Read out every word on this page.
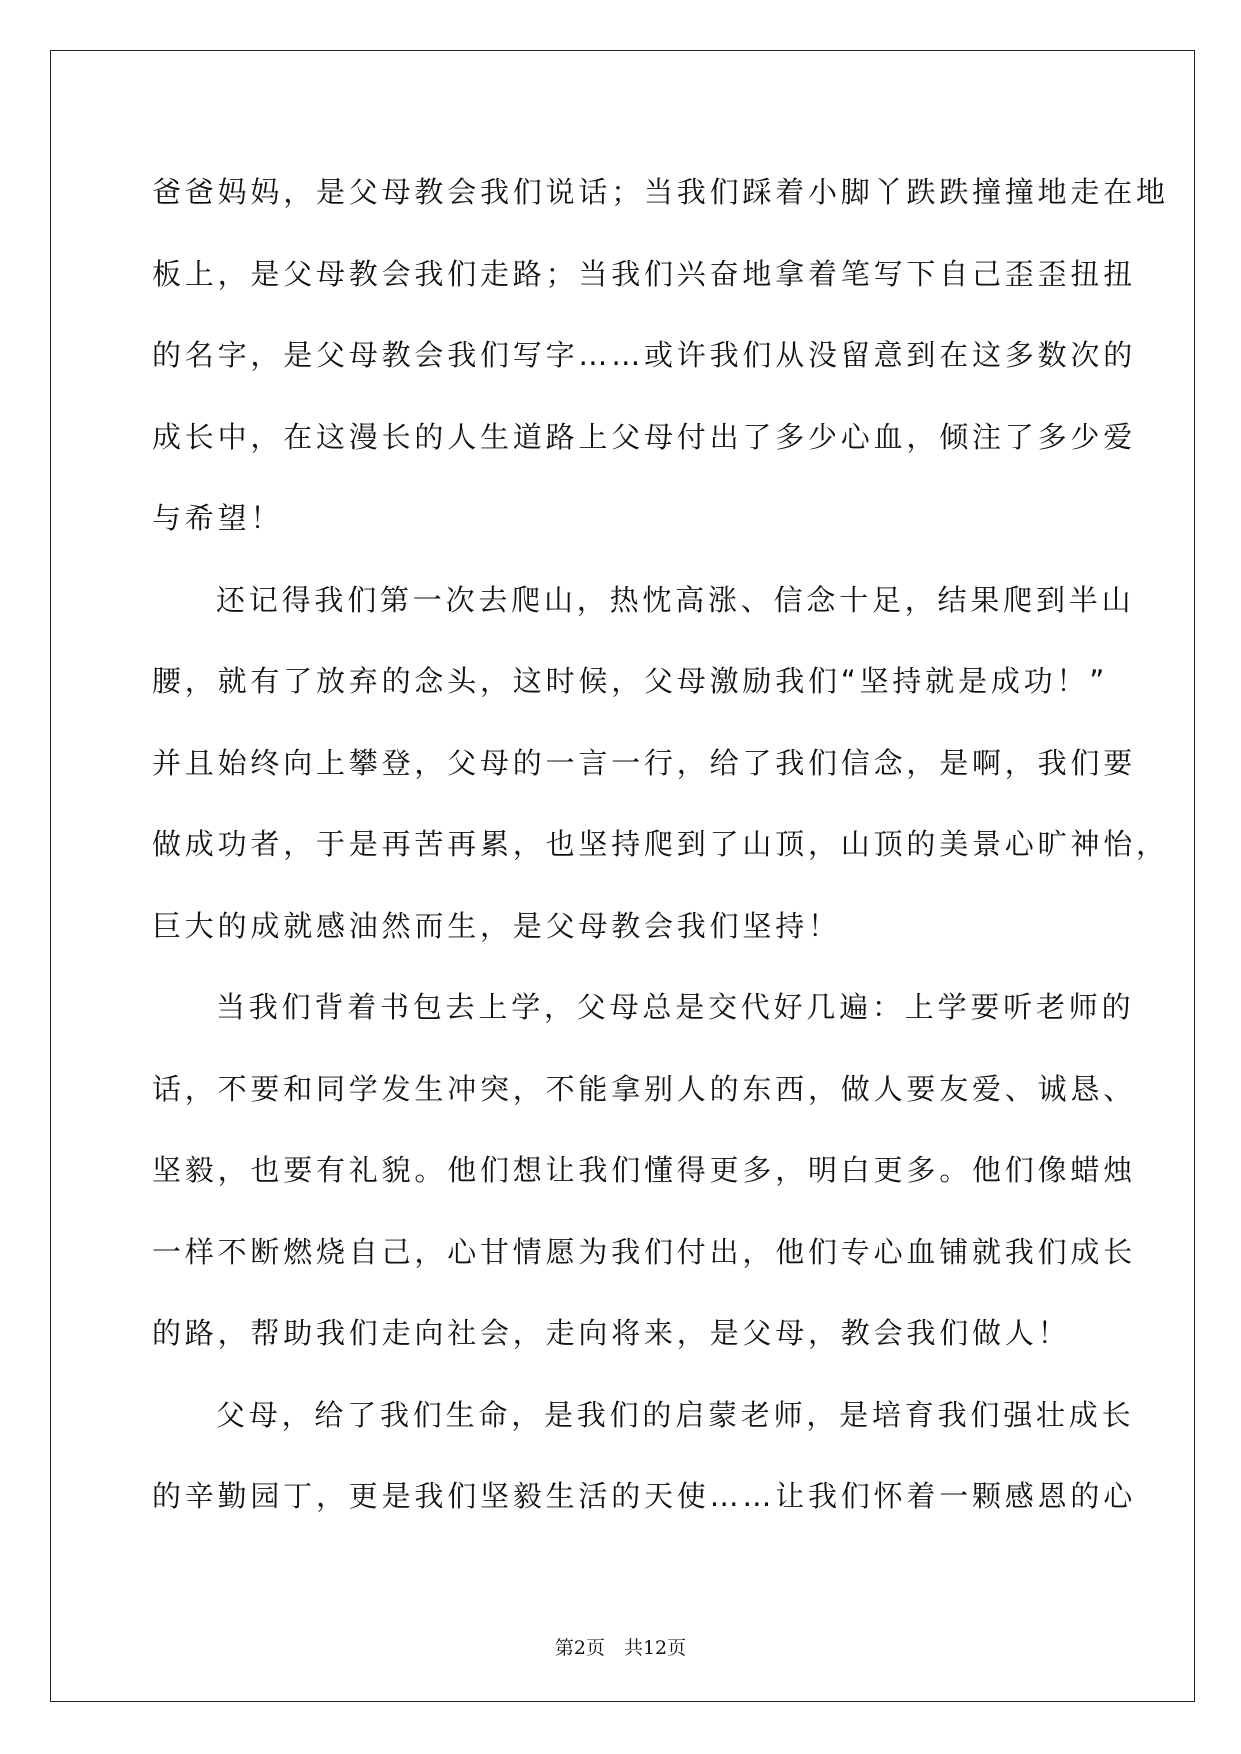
爸爸妈妈，是父母教会我们说话；当我们踩着小脚丫跌跌撞撞地走在地
板上，是父母教会我们走路；当我们兴奋地拿着笔写下自己歪歪扭扭
的名字，是父母教会我们写字……或许我们从没留意到在这多数次的
成长中，在这漫长的人生道路上父母付出了多少心血，倾注了多少爱
与希望！
还记得我们第一次去爬山，热忱高涨、信念十足，结果爬到半山
腰，就有了放弃的念头，这时候，父母激励我们“坚持就是成功！”
并且始终向上攀登，父母的一言一行，给了我们信念，是啊，我们要
做成功者，于是再苦再累，也坚持爬到了山顶，山顶的美景心旷神怡，
巨大的成就感油然而生，是父母教会我们坚持！
当我们背着书包去上学，父母总是交代好几遍：上学要听老师的
话，不要和同学发生冲突，不能拿别人的东西，做人要友爱、诚恳、
坚毅，也要有礼貌。他们想让我们懂得更多，明白更多。他们像蜡烛
一样不断燃烧自己，心甘情愿为我们付出，他们专心血铺就我们成长
的路，帮助我们走向社会，走向将来，是父母，教会我们做人！
父母，给了我们生命，是我们的启蒙老师，是培育我们强壮成长
的辛勤园丁，更是我们坚毅生活的天使……让我们怀着一颗感恩的心
第2页　共12页
